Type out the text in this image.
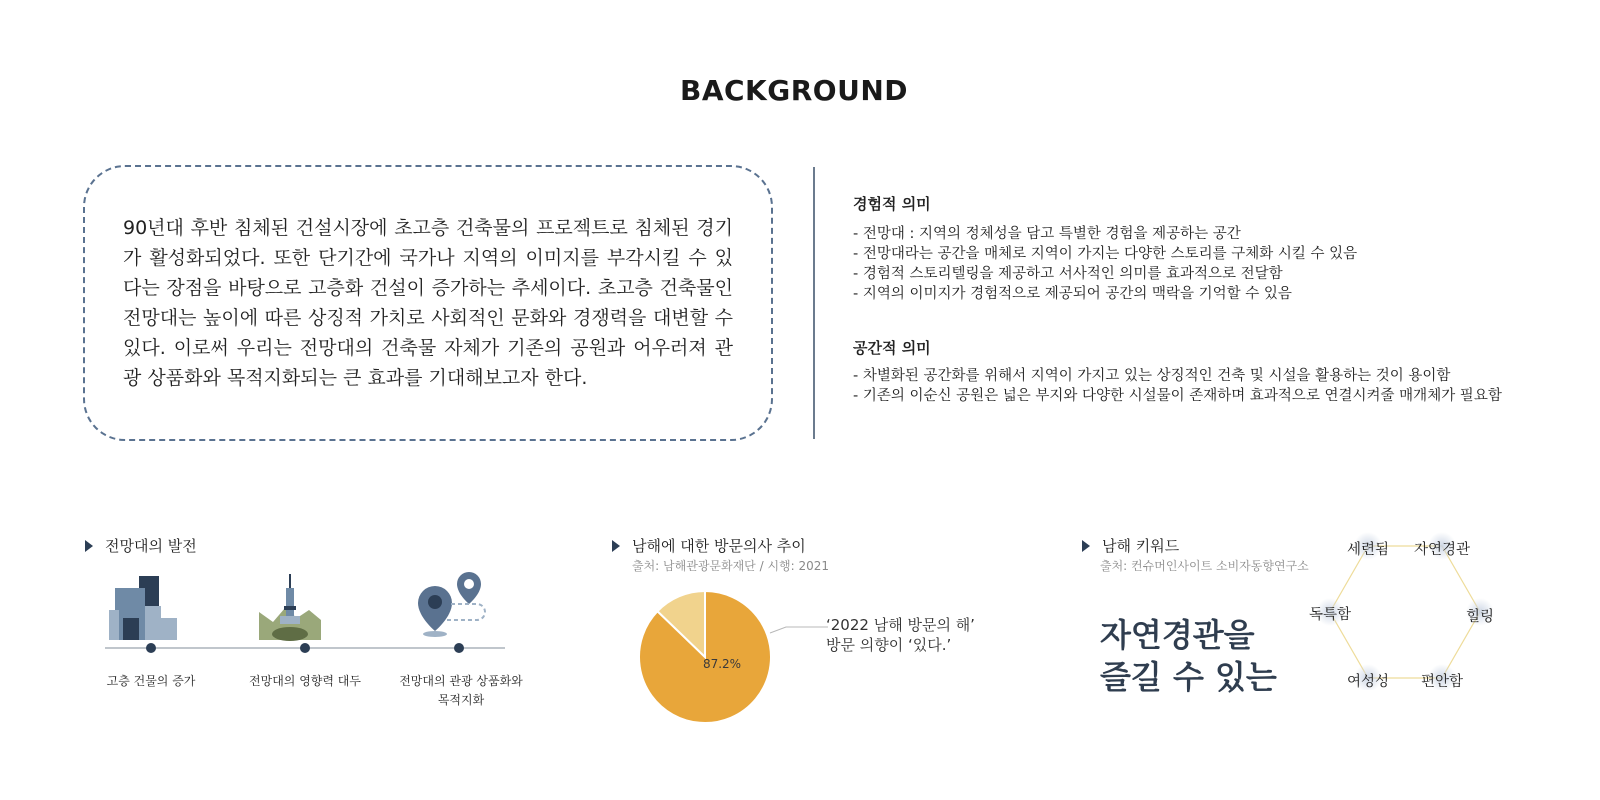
BACKGROUND
90년대 후반 침체된 건설시장에 초고층 건축물의 프로젝트로 침체된 경기가 활성화되었다. 또한 단기간에 국가나 지역의 이미지를 부각시킬 수 있다는 장점을 바탕으로 고층화 건설이 증가하는 추세이다. 초고층 건축물인 전망대는 높이에 따른 상징적 가치로 사회적인 문화와 경쟁력을 대변할 수 있다. 이로써 우리는 전망대의 건축물 자체가 기존의 공원과 어우러져 관광 상품화와 목적지화되는 큰 효과를 기대해보고자 한다.
경험적 의미
- 전망대 : 지역의 정체성을 담고 특별한 경험을 제공하는 공간
- 전망대라는 공간을 매체로 지역이 가지는 다양한 스토리를 구체화 시킬 수 있음
- 경험적 스토리텔링을 제공하고 서사적인 의미를 효과적으로 전달함
- 지역의 이미지가 경험적으로 제공되어 공간의 맥락을 기억할 수 있음
공간적 의미
- 차별화된 공간화를 위해서 지역이 가지고 있는 상징적인 건축 및 시설을 활용하는 것이 용이함
- 기존의 이순신 공원은 넓은 부지와 다양한 시설물이 존재하며 효과적으로 연결시켜줄 매개체가 필요함
전망대의 발전
고층 건물의 증가	전망대의 영향력 대두	전망대의 관광 상품화와 목적지화
남해에 대한 방문의사 추이
출처: 남해관광문화재단 / 시행: 2021
87.2%
‘2022 남해 방문의 해’
방문 의향이 ‘있다.’
남해 키워드
출처: 컨슈머인사이트 소비자동향연구소
자연경관을
즐길 수 있는
세련됨	자연경관
독특함	힐링
여성성	편안함
